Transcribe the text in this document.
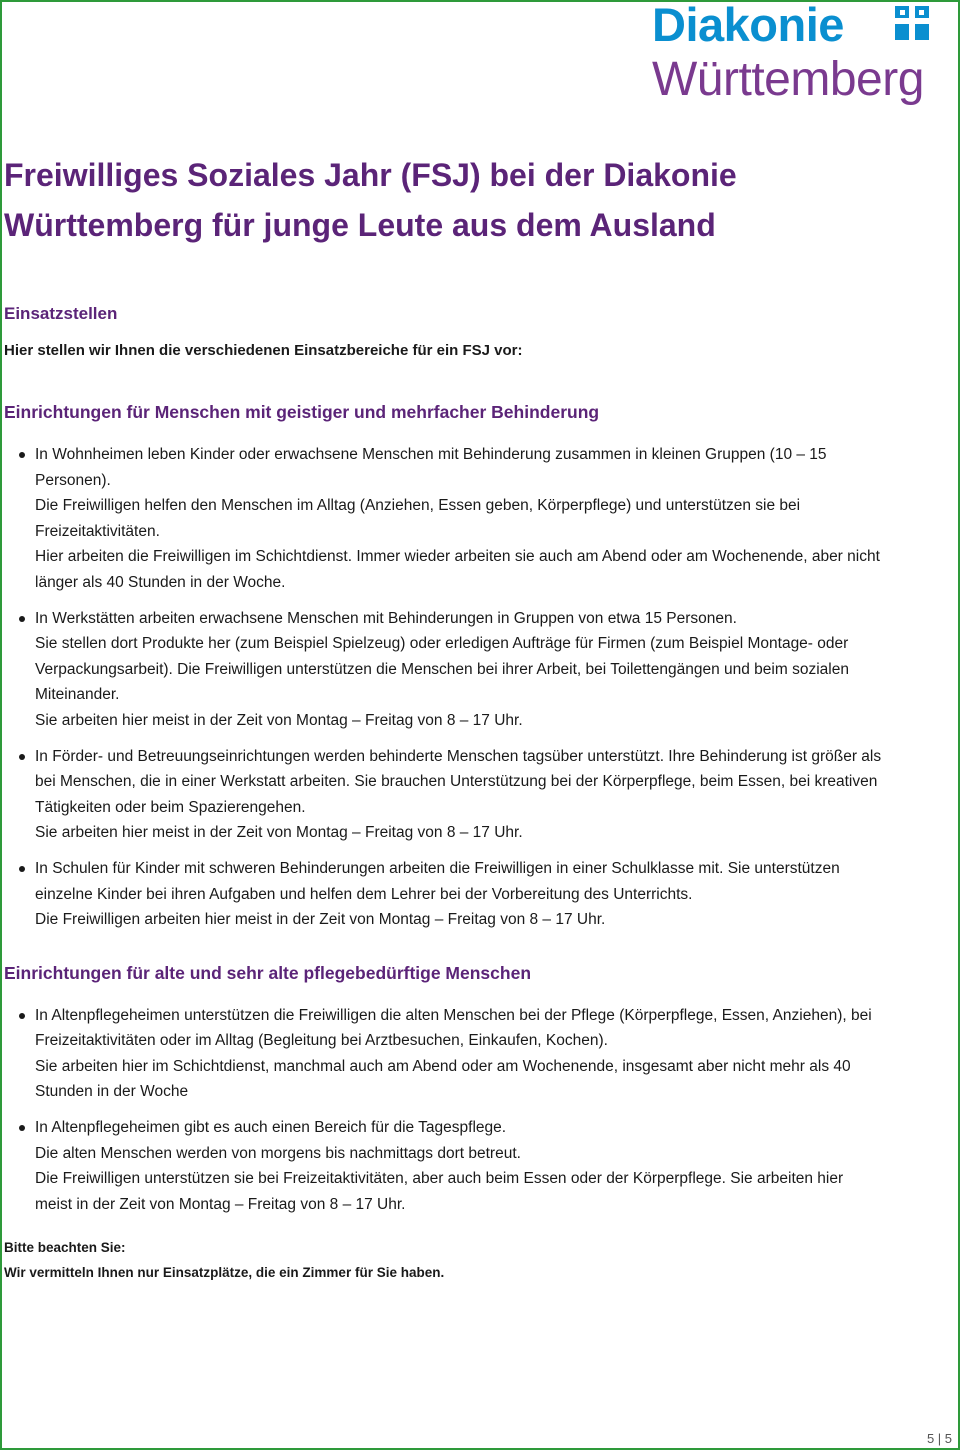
Diakonie
Württemberg
Freiwilliges Soziales Jahr (FSJ) bei der Diakonie Württemberg für junge Leute aus dem Ausland
Einsatzstellen
Hier stellen wir Ihnen die verschiedenen Einsatzbereiche für ein FSJ vor:
Einrichtungen für Menschen mit geistiger und mehrfacher Behinderung
In Wohnheimen leben Kinder oder erwachsene Menschen mit Behinderung zusammen in kleinen Gruppen (10 – 15 Personen).
Die Freiwilligen helfen den Menschen im Alltag (Anziehen, Essen geben, Körperpflege) und unterstützen sie bei Freizeitaktivitäten.
Hier arbeiten die Freiwilligen im Schichtdienst. Immer wieder arbeiten sie auch am Abend oder am Wochenende, aber nicht länger als 40 Stunden in der Woche.
In Werkstätten arbeiten erwachsene Menschen mit Behinderungen in Gruppen von etwa 15 Personen.
Sie stellen dort Produkte her (zum Beispiel Spielzeug) oder erledigen Aufträge für Firmen (zum Beispiel Montage- oder Verpackungsarbeit). Die Freiwilligen unterstützen die Menschen bei ihrer Arbeit, bei Toilettengängen und beim sozialen Miteinander.
Sie arbeiten hier meist in der Zeit von Montag – Freitag von 8 – 17 Uhr.
In Förder- und Betreuungseinrichtungen werden behinderte Menschen tagsüber unterstützt. Ihre Behinderung ist größer als bei Menschen, die in einer Werkstatt arbeiten. Sie brauchen Unterstützung bei der Körperpflege, beim Essen, bei kreativen Tätigkeiten oder beim Spazierengehen.
Sie arbeiten hier meist in der Zeit von Montag – Freitag von 8 – 17 Uhr.
In Schulen für Kinder mit schweren Behinderungen arbeiten die Freiwilligen in einer Schulklasse mit. Sie unterstützen einzelne Kinder bei ihren Aufgaben und helfen dem Lehrer bei der Vorbereitung des Unterrichts.
Die Freiwilligen arbeiten hier meist in der Zeit von Montag – Freitag von 8 – 17 Uhr.
Einrichtungen für alte und sehr alte pflegebedürftige Menschen
In Altenpflegeheimen unterstützen die Freiwilligen die alten Menschen bei der Pflege (Körperpflege, Essen, Anziehen), bei Freizeitaktivitäten oder im Alltag (Begleitung bei Arztbesuchen, Einkaufen, Kochen).
Sie arbeiten hier im Schichtdienst, manchmal auch am Abend oder am Wochenende, insgesamt aber nicht mehr als 40 Stunden in der Woche
In Altenpflegeheimen gibt es auch einen Bereich für die Tagespflege.
Die alten Menschen werden von morgens bis nachmittags dort betreut.
Die Freiwilligen unterstützen sie bei Freizeitaktivitäten, aber auch beim Essen oder der Körperpflege. Sie arbeiten hier meist in der Zeit von Montag – Freitag von 8 – 17 Uhr.
Bitte beachten Sie:
Wir vermitteln Ihnen nur Einsatzplätze, die ein Zimmer für Sie haben.
5 | 5
